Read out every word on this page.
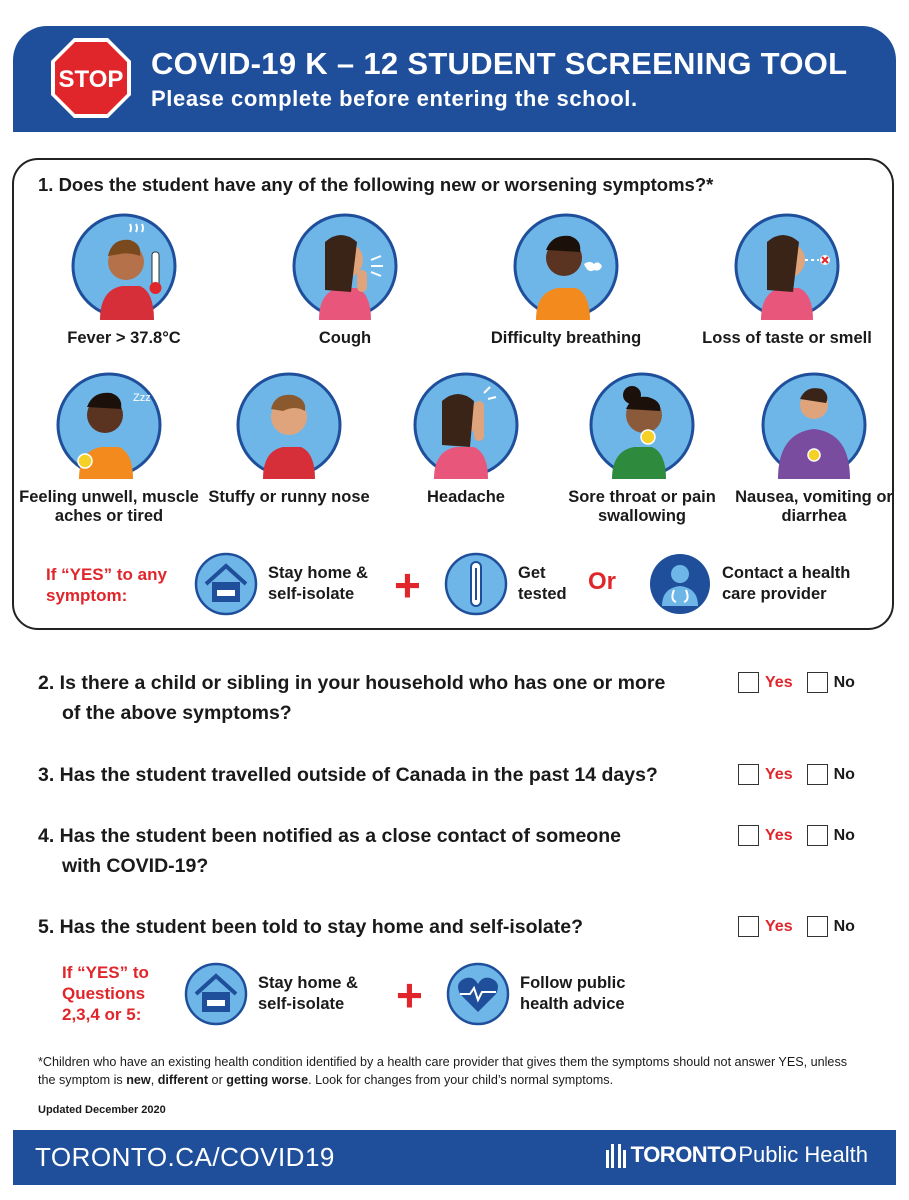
STOP COVID-19 K – 12 STUDENT SCREENING TOOL
Please complete before entering the school.
1. Does the student have any of the following new or worsening symptoms?*
Fever > 37.8°C	Cough	Difficulty breathing	Loss of taste or smell
Zzz
Feeling unwell, muscle aches or tired
Stuffy or runny nose	Headache	Sore throat or pain swallowing
Nausea, vomiting or diarrhea
If “YES” to any symptom:
Stay home & self-isolate +	Get tested Or	Contact a health care provider
2. Is there a child or sibling in your household who has one or more
of the above symptoms?
Yes	No
3. Has the student travelled outside of Canada in the past 14 days?	Yes	No
4. Has the student been notified as a close contact of someone
with COVID-19?
Yes	No
5. Has the student been told to stay home and self-isolate?	Yes	No
If “YES” to Questions 2,3,4 or 5:
Stay home & self-isolate	+	Follow public health advice
*Children who have an existing health condition identified by a health care provider that gives them the symptoms should not answer YES, unless the symptom is new, different or getting worse. Look for changes from your child’s normal symptoms.
Updated December 2020
TORONTO.CA/COVID19	TORONTO Public Health
